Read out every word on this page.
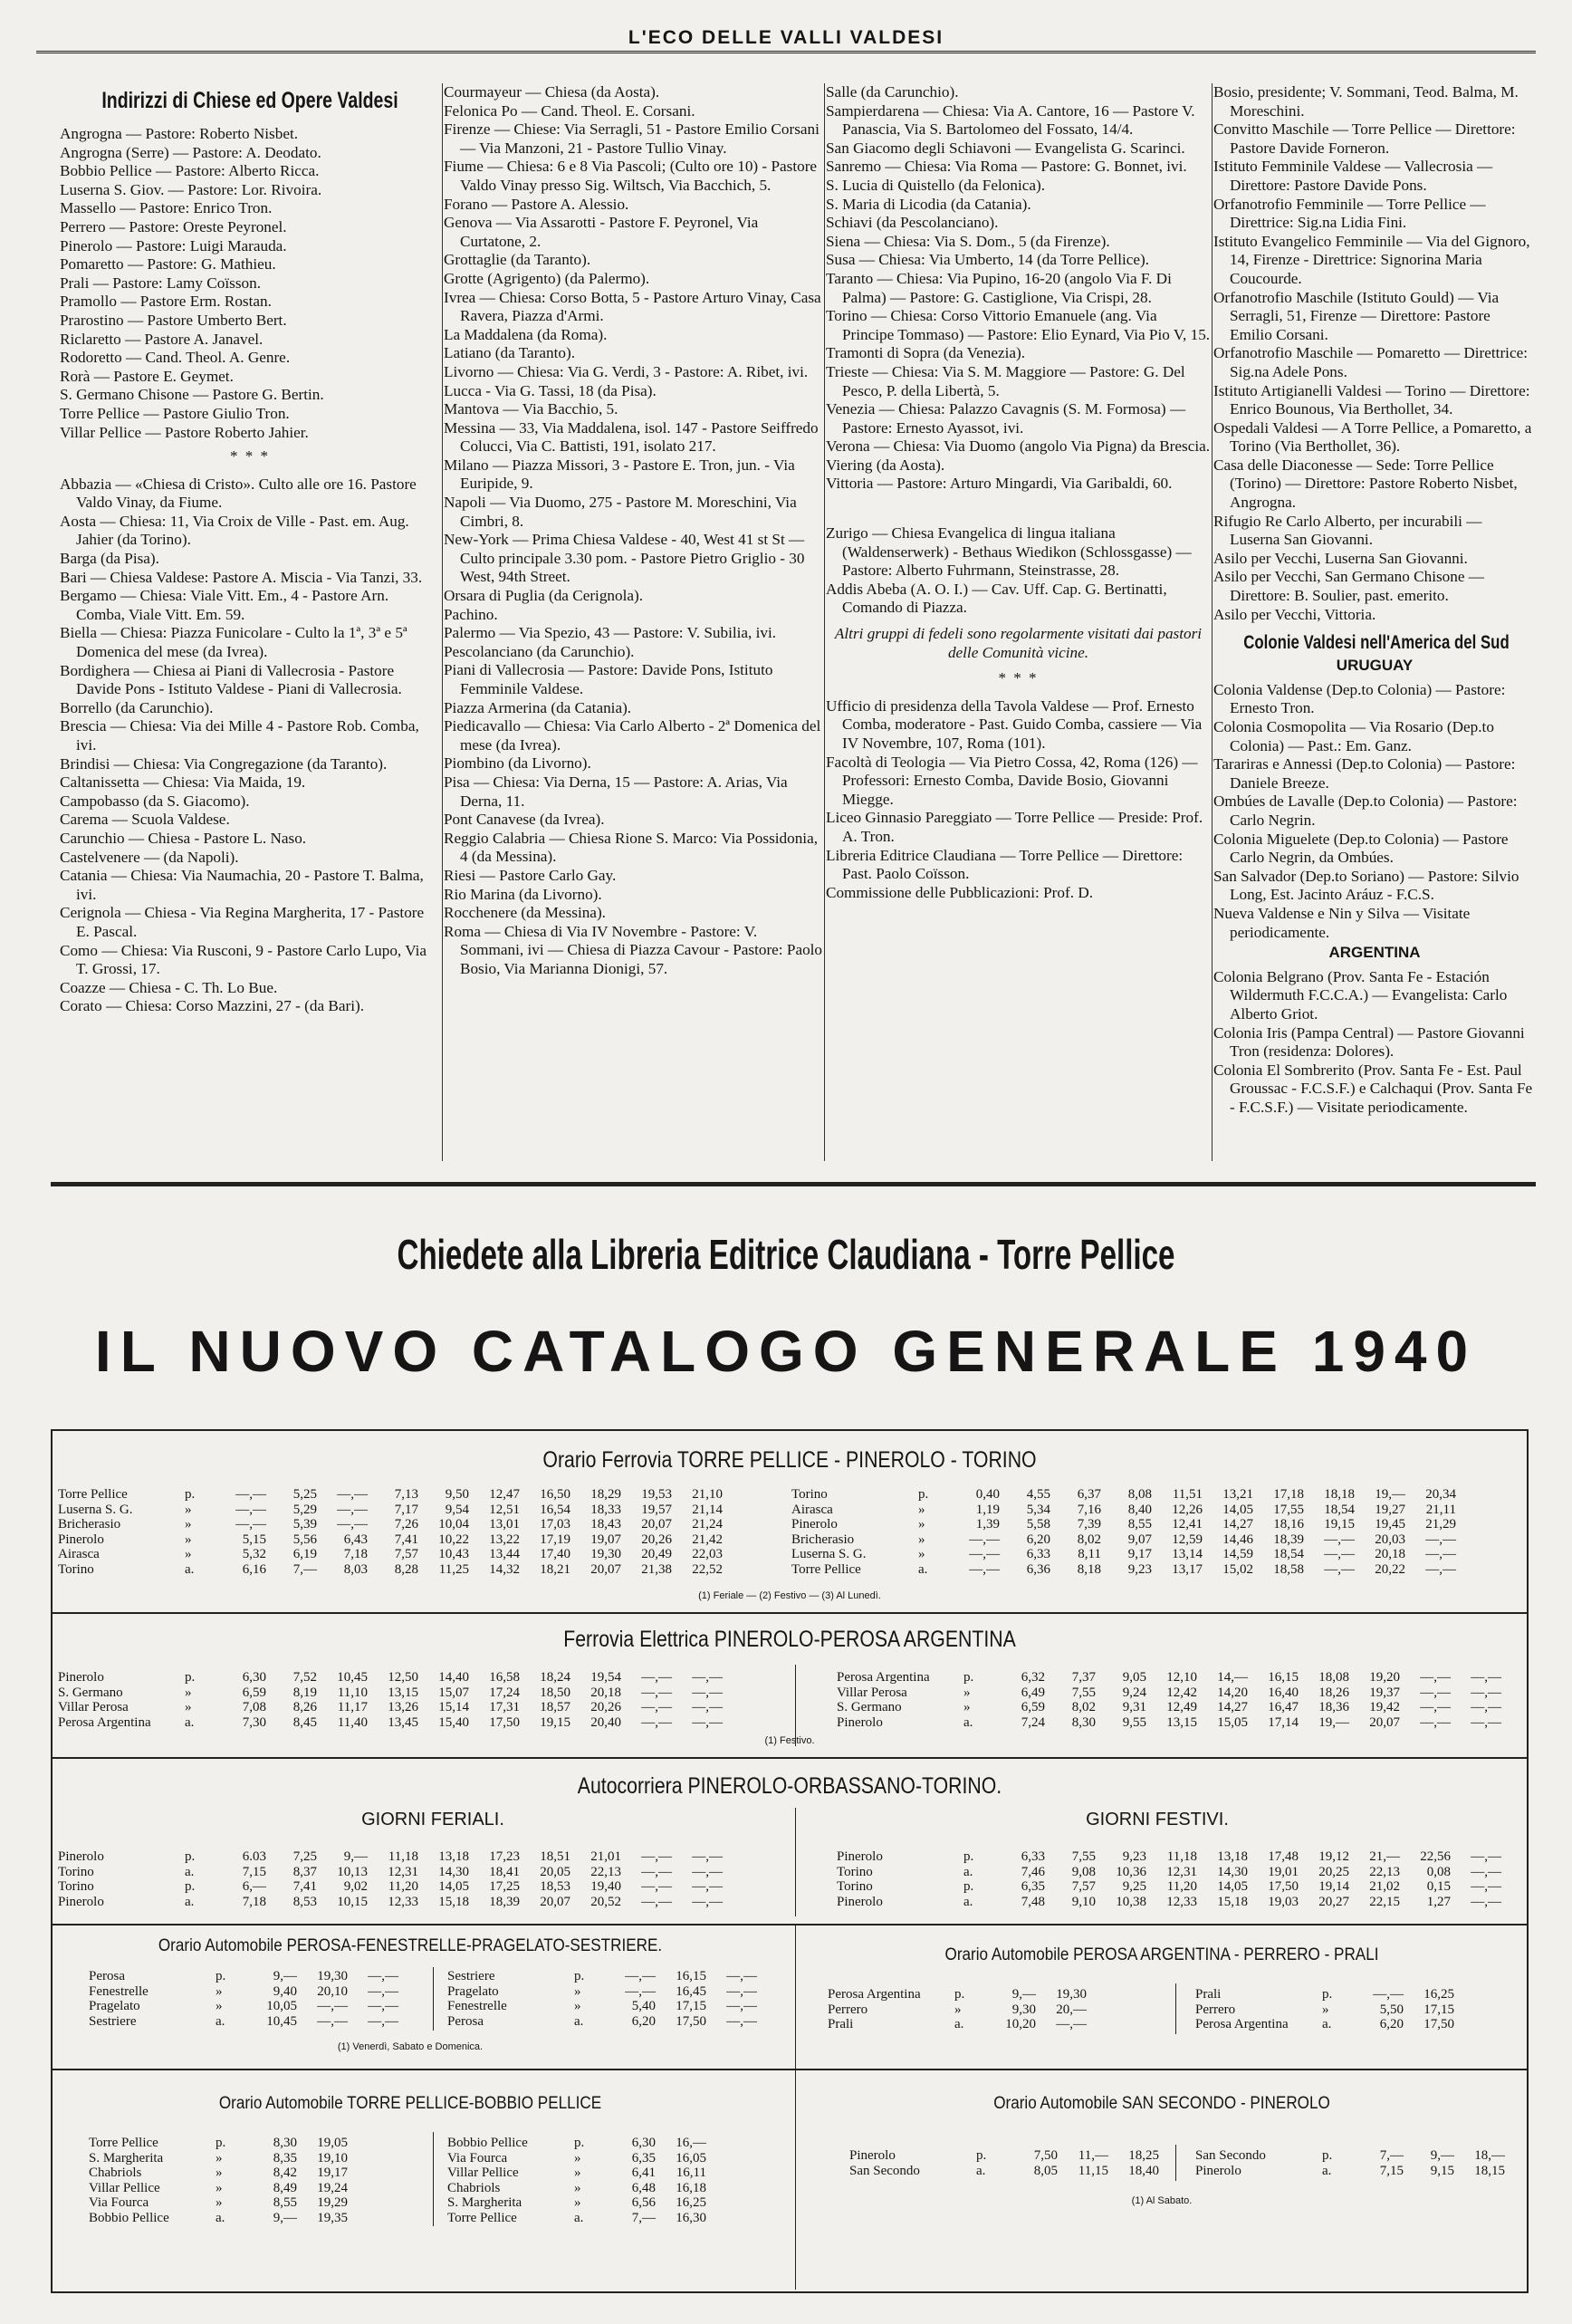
L'ECO DELLE VALLI VALDESI
Indirizzi di Chiese ed Opere Valdesi

Angrogna — Pastore: Roberto Nisbet.

Angrogna (Serre) — Pastore: A. Deodato.

Bobbio Pellice — Pastore: Alberto Ricca.

Luserna S. Giov. — Pastore: Lor. Rivoira.

Massello — Pastore: Enrico Tron.

Perrero — Pastore: Oreste Peyronel.

Pinerolo — Pastore: Luigi Marauda.

Pomaretto — Pastore: G. Mathieu.

Prali — Pastore: Lamy Coïsson.

Pramollo — Pastore Erm. Rostan.

Prarostino — Pastore Umberto Bert.

Riclaretto — Pastore A. Janavel.

Rodoretto — Cand. Theol. A. Genre.

Rorà — Pastore E. Geymet.

S. Germano Chisone — Pastore G. Bertin.

Torre Pellice — Pastore Giulio Tron.

Villar Pellice — Pastore Roberto Jahier.

* * *

Abbazia — «Chiesa di Cristo». Culto alle ore 16. Pastore Valdo Vinay, da Fiume.

Aosta — Chiesa: 11, Via Croix de Ville - Past. em. Aug. Jahier (da Torino).

Barga (da Pisa).

Bari — Chiesa Valdese: Pastore A. Miscia - Via Tanzi, 33.

Bergamo — Chiesa: Viale Vitt. Em., 4 - Pastore Arn. Comba, Viale Vitt. Em. 59.

Biella — Chiesa: Piazza Funicolare - Culto la 1ª, 3ª e 5ª Domenica del mese (da Ivrea).

Bordighera — Chiesa ai Piani di Vallecrosia - Pastore Davide Pons - Istituto Valdese - Piani di Vallecrosia.

Borrello (da Carunchio).

Brescia — Chiesa: Via dei Mille 4 - Pastore Rob. Comba, ivi.

Brindisi — Chiesa: Via Congregazione (da Taranto).

Caltanissetta — Chiesa: Via Maida, 19.

Campobasso (da S. Giacomo).

Carema — Scuola Valdese.

Carunchio — Chiesa - Pastore L. Naso.

Castelvenere — (da Napoli).

Catania — Chiesa: Via Naumachia, 20 - Pastore T. Balma, ivi.

Cerignola — Chiesa - Via Regina Margherita, 17 - Pastore E. Pascal.

Como — Chiesa: Via Rusconi, 9 - Pastore Carlo Lupo, Via T. Grossi, 17.

Coazze — Chiesa - C. Th. Lo Bue.

Corato — Chiesa: Corso Mazzini, 27 - (da Bari).

Courmayeur — Chiesa (da Aosta).

Felonica Po — Cand. Theol. E. Corsani.

Firenze — Chiese: Via Serragli, 51 - Pastore Emilio Corsani — Via Manzoni, 21 - Pastore Tullio Vinay.

Fiume — Chiesa: 6 e 8 Via Pascoli; (Culto ore 10) - Pastore Valdo Vinay presso Sig. Wiltsch, Via Bacchich, 5.

Forano — Pastore A. Alessio.

Genova — Via Assarotti - Pastore F. Peyronel, Via Curtatone, 2.

Grottaglie (da Taranto).

Grotte (Agrigento) (da Palermo).

Ivrea — Chiesa: Corso Botta, 5 - Pastore Arturo Vinay, Casa Ravera, Piazza d'Armi.

La Maddalena (da Roma).

Latiano (da Taranto).

Livorno — Chiesa: Via G. Verdi, 3 - Pastore: A. Ribet, ivi.

Lucca - Via G. Tassi, 18 (da Pisa).

Mantova — Via Bacchio, 5.

Messina — 33, Via Maddalena, isol. 147 - Pastore Seiffredo Colucci, Via C. Battisti, 191, isolato 217.

Milano — Piazza Missori, 3 - Pastore E. Tron, jun. - Via Euripide, 9.

Napoli — Via Duomo, 275 - Pastore M. Moreschini, Via Cimbri, 8.

New-York — Prima Chiesa Valdese - 40, West 41 st St — Culto principale 3.30 pom. - Pastore Pietro Griglio - 30 West, 94th Street.

Orsara di Puglia (da Cerignola).

Pachino.

Palermo — Via Spezio, 43 — Pastore: V. Subilia, ivi.

Pescolanciano (da Carunchio).

Piani di Vallecrosia — Pastore: Davide Pons, Istituto Femminile Valdese.

Piazza Armerina (da Catania).

Piedicavallo — Chiesa: Via Carlo Alberto - 2ª Domenica del mese (da Ivrea).

Piombino (da Livorno).

Pisa — Chiesa: Via Derna, 15 — Pastore: A. Arias, Via Derna, 11.

Pont Canavese (da Ivrea).

Reggio Calabria — Chiesa Rione S. Marco: Via Possidonia, 4 (da Messina).

Riesi — Pastore Carlo Gay.

Rio Marina (da Livorno).

Rocchenere (da Messina).

Roma — Chiesa di Via IV Novembre - Pastore: V. Sommani, ivi — Chiesa di Piazza Cavour - Pastore: Paolo Bosio, Via Marianna Dionigi, 57.

Salle (da Carunchio).

Sampierdarena — Chiesa: Via A. Cantore, 16 — Pastore V. Panascia, Via S. Bartolomeo del Fossato, 14/4.

San Giacomo degli Schiavoni — Evangelista G. Scarinci.

Sanremo — Chiesa: Via Roma — Pastore: G. Bonnet, ivi.

S. Lucia di Quistello (da Felonica).

S. Maria di Licodia (da Catania).

Schiavi (da Pescolanciano).

Siena — Chiesa: Via S. Dom., 5 (da Firenze).

Susa — Chiesa: Via Umberto, 14 (da Torre Pellice).

Taranto — Chiesa: Via Pupino, 16-20 (angolo Via F. Di Palma) — Pastore: G. Castiglione, Via Crispi, 28.

Torino — Chiesa: Corso Vittorio Emanuele (ang. Via Principe Tommaso) — Pastore: Elio Eynard, Via Pio V, 15.

Tramonti di Sopra (da Venezia).

Trieste — Chiesa: Via S. M. Maggiore — Pastore: G. Del Pesco, P. della Libertà, 5.

Venezia — Chiesa: Palazzo Cavagnis (S. M. Formosa) — Pastore: Ernesto Ayassot, ivi.

Verona — Chiesa: Via Duomo (angolo Via Pigna) da Brescia.

Viering (da Aosta).

Vittoria — Pastore: Arturo Mingardi, Via Garibaldi, 60.

Zurigo — Chiesa Evangelica di lingua italiana (Waldenserwerk) - Bethaus Wiedikon (Schlossgasse) — Pastore: Alberto Fuhrmann, Steinstrasse, 28.

Addis Abeba (A. O. I.) — Cav. Uff. Cap. G. Bertinatti, Comando di Piazza.

Altri gruppi di fedeli sono regolarmente visitati dai pastori delle Comunità vicine.
* * *

Ufficio di presidenza della Tavola Valdese — Prof. Ernesto Comba, moderatore - Past. Guido Comba, cassiere — Via IV Novembre, 107, Roma (101).

Facoltà di Teologia — Via Pietro Cossa, 42, Roma (126) — Professori: Ernesto Comba, Davide Bosio, Giovanni Miegge.

Liceo Ginnasio Pareggiato — Torre Pellice — Preside: Prof. A. Tron.

Libreria Editrice Claudiana — Torre Pellice — Direttore: Past. Paolo Coïsson.

Commissione delle Pubblicazioni: Prof. D.

Bosio, presidente; V. Sommani, Teod. Balma, M. Moreschini.

Convitto Maschile — Torre Pellice — Direttore: Pastore Davide Forneron.

Istituto Femminile Valdese — Vallecrosia — Direttore: Pastore Davide Pons.

Orfanotrofio Femminile — Torre Pellice — Direttrice: Sig.na Lidia Fini.

Istituto Evangelico Femminile — Via del Gignoro, 14, Firenze - Direttrice: Signorina Maria Coucourde.

Orfanotrofio Maschile (Istituto Gould) — Via Serragli, 51, Firenze — Direttore: Pastore Emilio Corsani.

Orfanotrofio Maschile — Pomaretto — Direttrice: Sig.na Adele Pons.

Istituto Artigianelli Valdesi — Torino — Direttore: Enrico Bounous, Via Berthollet, 34.

Ospedali Valdesi — A Torre Pellice, a Pomaretto, a Torino (Via Berthollet, 36).

Casa delle Diaconesse — Sede: Torre Pellice (Torino) — Direttore: Pastore Roberto Nisbet, Angrogna.

Rifugio Re Carlo Alberto, per incurabili — Luserna San Giovanni.

Asilo per Vecchi, Luserna San Giovanni.

Asilo per Vecchi, San Germano Chisone — Direttore: B. Soulier, past. emerito.

Asilo per Vecchi, Vittoria.

Colonie Valdesi nell'America del Sud
URUGUAY

Colonia Valdense (Dep.to Colonia) — Pastore: Ernesto Tron.

Colonia Cosmopolita — Via Rosario (Dep.to Colonia) — Past.: Em. Ganz.

Tarariras e Annessi (Dep.to Colonia) — Pastore: Daniele Breeze.

Ombúes de Lavalle (Dep.to Colonia) — Pastore: Carlo Negrin.

Colonia Miguelete (Dep.to Colonia) — Pastore Carlo Negrin, da Ombúes.

San Salvador (Dep.to Soriano) — Pastore: Silvio Long, Est. Jacinto Aráuz - F.C.S.

Nueva Valdense e Nin y Silva — Visitate periodicamente.

ARGENTINA

Colonia Belgrano (Prov. Santa Fe - Estación Wildermuth F.C.C.A.) — Evangelista: Carlo Alberto Griot.

Colonia Iris (Pampa Central) — Pastore Giovanni Tron (residenza: Dolores).

Colonia El Sombrerito (Prov. Santa Fe - Est. Paul Groussac - F.C.S.F.) e Calchaqui (Prov. Santa Fe - F.C.S.F.) — Visitate periodicamente.

Chiedete alla Libreria Editrice Claudiana - Torre Pellice
IL NUOVO CATALOGO GENERALE 1940
Orario Ferrovia TORRE PELLICE - PINEROLO - TORINO
Torre Pellice	p.	—,—	5,25	—,—	7,13	9,50	12,47	16,50	18,29	19,53	21,10
Luserna S. G.	»	—,—	5,29	—,—	7,17	9,54	12,51	16,54	18,33	19,57	21,14
Bricherasio	»	—,—	5,39	—,—	7,26	10,04	13,01	17,03	18,43	20,07	21,24
Pinerolo	»	5,15	5,56	6,43	7,41	10,22	13,22	17,19	19,07	20,26	21,42
Airasca	»	5,32	6,19	7,18	7,57	10,43	13,44	17,40	19,30	20,49	22,03
Torino	a.	6,16	7,—	8,03	8,28	11,25	14,32	18,21	20,07	21,38	22,52
Torino	p.	0,40	4,55	6,37	8,08	11,51	13,21	17,18	18,18	19,—	20,34
Airasca	»	1,19	5,34	7,16	8,40	12,26	14,05	17,55	18,54	19,27	21,11
Pinerolo	»	1,39	5,58	7,39	8,55	12,41	14,27	18,16	19,15	19,45	21,29
Bricherasio	»	—,—	6,20	8,02	9,07	12,59	14,46	18,39	—,—	20,03	—,—
Luserna S. G.	»	—,—	6,33	8,11	9,17	13,14	14,59	18,54	—,—	20,18	—,—
Torre Pellice	a.	—,—	6,36	8,18	9,23	13,17	15,02	18,58	—,—	20,22	—,—
(1) Feriale — (2) Festivo — (3) Al Lunedì.
Ferrovia Elettrica PINEROLO-PEROSA ARGENTINA
Pinerolo	p.	6,30	7,52	10,45	12,50	14,40	16,58	18,24	19,54	—,—	—,—
S. Germano	»	6,59	8,19	11,10	13,15	15,07	17,24	18,50	20,18	—,—	—,—
Villar Perosa	»	7,08	8,26	11,17	13,26	15,14	17,31	18,57	20,26	—,—	—,—
Perosa Argentina	a.	7,30	8,45	11,40	13,45	15,40	17,50	19,15	20,40	—,—	—,—
Perosa Argentina	p.	6,32	7,37	9,05	12,10	14,—	16,15	18,08	19,20	—,—	—,—
Villar Perosa	»	6,49	7,55	9,24	12,42	14,20	16,40	18,26	19,37	—,—	—,—
S. Germano	»	6,59	8,02	9,31	12,49	14,27	16,47	18,36	19,42	—,—	—,—
Pinerolo	a.	7,24	8,30	9,55	13,15	15,05	17,14	19,—	20,07	—,—	—,—
(1) Festivo.
Autocorriera PINEROLO-ORBASSANO-TORINO.
GIORNI FERIALI.	GIORNI FESTIVI.
Pinerolo	p.	6.03	7,25	9,—	11,18	13,18	17,23	18,51	21,01	—,—	—,—
Torino	a.	7,15	8,37	10,13	12,31	14,30	18,41	20,05	22,13	—,—	—,—
Torino	p.	6,—	7,41	9,02	11,20	14,05	17,25	18,53	19,40	—,—	—,—
Pinerolo	a.	7,18	8,53	10,15	12,33	15,18	18,39	20,07	20,52	—,—	—,—
Pinerolo	p.	6,33	7,55	9,23	11,18	13,18	17,48	19,12	21,—	22,56	—,—
Torino	a.	7,46	9,08	10,36	12,31	14,30	19,01	20,25	22,13	0,08	—,—
Torino	p.	6,35	7,57	9,25	11,20	14,05	17,50	19,14	21,02	0,15	—,—
Pinerolo	a.	7,48	9,10	10,38	12,33	15,18	19,03	20,27	22,15	1,27	—,—
Orario Automobile PEROSA-FENESTRELLE-PRAGELATO-SESTRIERE.
Perosa	p.	9,—	19,30	—,—
Fenestrelle	»	9,40	20,10	—,—
Pragelato	»	10,05	—,—	—,—
Sestriere	a.	10,45	—,—	—,—
Sestriere	p.	—,—	16,15	—,—
Pragelato	»	—,—	16,45	—,—
Fenestrelle	»	5,40	17,15	—,—
Perosa	a.	6,20	17,50	—,—
(1) Venerdì, Sabato e Domenica.
Orario Automobile PEROSA ARGENTINA - PERRERO - PRALI
Perosa Argentina	p.	9,—	19,30
Perrero	»	9,30	20,—
Prali	a.	10,20	—,—
Prali	p.	—,—	16,25
Perrero	»	5,50	17,15
Perosa Argentina	a.	6,20	17,50
Orario Automobile TORRE PELLICE-BOBBIO PELLICE
Torre Pellice	p.	8,30	19,05
S. Margherita	»	8,35	19,10
Chabriols	»	8,42	19,17
Villar Pellice	»	8,49	19,24
Via Fourca	»	8,55	19,29
Bobbio Pellice	a.	9,—	19,35
Bobbio Pellice	p.	6,30	16,—
Via Fourca	»	6,35	16,05
Villar Pellice	»	6,41	16,11
Chabriols	»	6,48	16,18
S. Margherita	»	6,56	16,25
Torre Pellice	a.	7,—	16,30
Orario Automobile SAN SECONDO - PINEROLO
Pinerolo	p.	7,50	11,—	18,25
San Secondo	a.	8,05	11,15	18,40
San Secondo	p.	7,—	9,—	18,—
Pinerolo	a.	7,15	9,15	18,15
(1) Al Sabato.
